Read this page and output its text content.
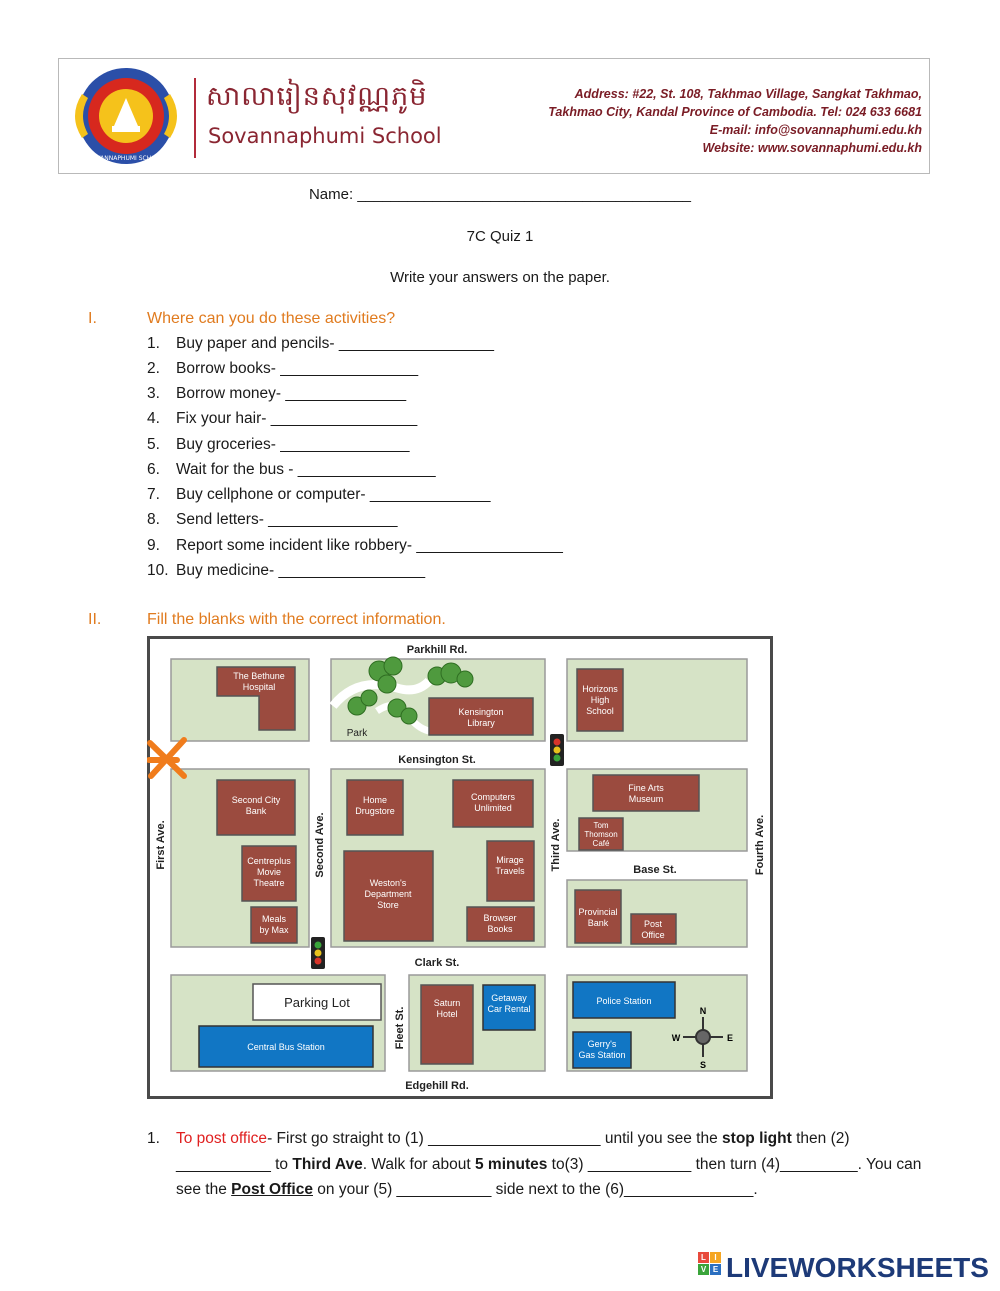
SOVANNAPHUMI SCHOOL
សាលារៀនសុវណ្ណភូមិ
Sovannaphumi School
Address: #22, St. 108, Takhmao Village, Sangkat Takhmao,
Takhmao City, Kandal Province of Cambodia. Tel: 024 633 6681
E-mail: info@sovannaphumi.edu.kh
Website: www.sovannaphumi.edu.kh
Name: ________________________________________
7C Quiz 1
Write your answers on the paper.
I.	Where can you do these activities?
1. Buy paper and pencils- __________________
2. Borrow books- ________________
3. Borrow money- ______________
4. Fix your hair- _________________
5. Buy groceries- _______________
6. Wait for the bus - ________________
7. Buy cellphone or computer- ______________
8. Send letters- _______________
9. Report some incident like robbery- _________________
10. Buy medicine- _________________
II.	Fill the blanks with the correct information.
N
S
E
W
Parkhill Rd.
Kensington St.
Base St.
Clark St.
Edgehill Rd.
First Ave.	Second Ave.	Third Ave.	Fourth Ave.
Fleet St.
The Bethune
Hospital
Kensington
Library
Horizons
High
School
Second City
Bank
Home
Drugstore
Computers
Unlimited
Fine Arts
Museum
Tom
Thomson
Café
Centreplus
Movie
Theatre	Weston's
Department
Store
Mirage
Travels
Meals
by Max
Browser
Books
Provincial
Bank	Post
Office
Saturn
Hotel
Getaway
Car Rental
Police Station
Central Bus Station	Gerry's
Gas Station
Park
Parking Lot
1. To post office- First go straight to (1) ____________________ until you see the stop light then (2) ___________ to Third Ave. Walk for about 5 minutes to(3) ____________ then turn (4)_________. You can see the Post Office on your (5) ___________ side next to the (6)_______________.
L	I
V E LIVEWORKSHEETS
